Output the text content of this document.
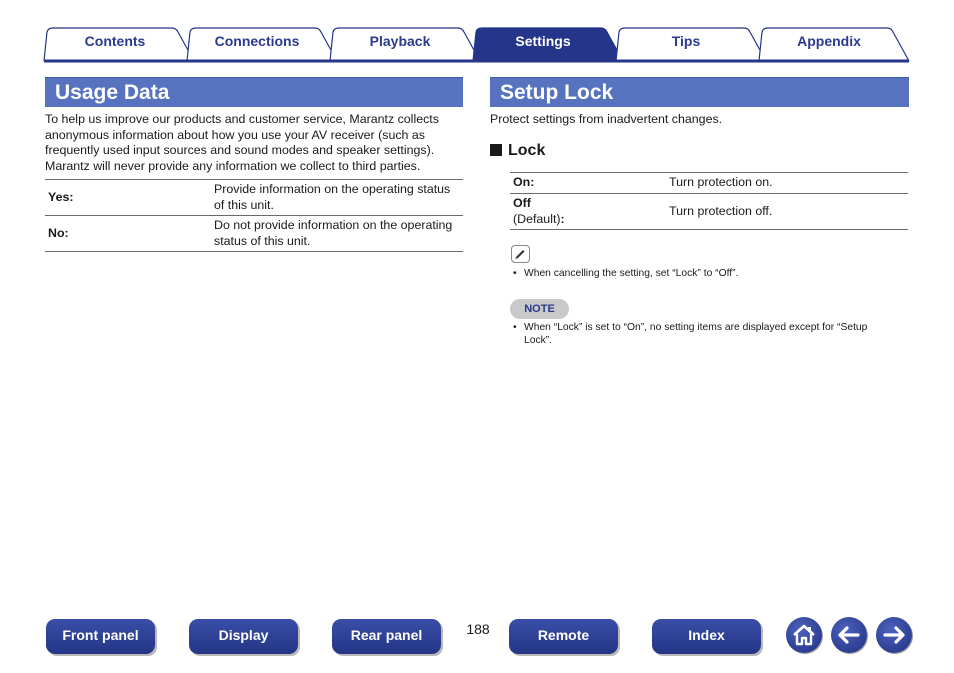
Contents	Connections	Playback	Settings	Tips	Appendix
Usage Data
To help us improve our products and customer service, Marantz collects anonymous information about how you use your AV receiver (such as frequently used input sources and sound modes and speaker settings). Marantz will never provide any information we collect to third parties.
Yes:	Provide information on the operating status of this unit.
No:	Do not provide information on the operating status of this unit.
Setup Lock
Protect settings from inadvertent changes.
Lock
On:	Turn protection on.

Off
(Default):	Turn protection off.
• When cancelling the setting, set “Lock” to “Off”.
NOTE
• When “Lock” is set to “On”, no setting items are displayed except for “Setup Lock”.
Front panel	Display	Rear panel	188	Remote	Index
